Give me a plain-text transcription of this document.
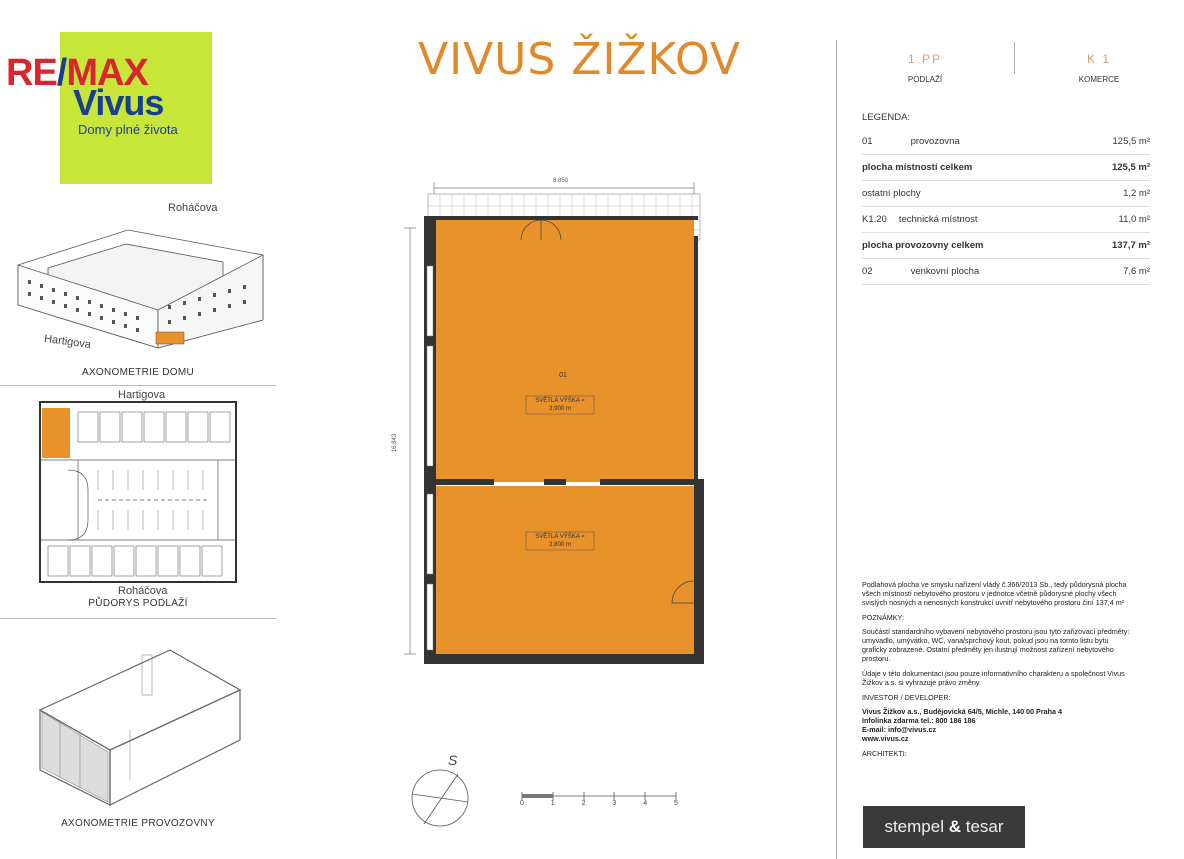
RE/MAX
Vivus
Domy plné života
VIVUS ŽIŽKOV
Roháčova
Hartigova
AXONOMETRIE DOMU
Hartigova
Roháčova
PŮDORYS PODLAŽÍ
AXONOMETRIE PROVOZOVNY
8.850
16.843
01
SVĚTLÁ VÝŠKA =
3,900 m
SVĚTLÁ VÝŠKA =
3,800 m
S
0	1	2	3	4	5
1.PP
PODLAŽÍ
K 1
KOMERCE
LEGENDA:
01	provozovna	125,5 m²
plocha místností celkem	125,5 m²
ostatní plochy	1,2 m²
K1.20 technická místnost	11,0 m²
plocha provozovny celkem	137,7 m²
02	venkovní plocha	7,6 m²

Podlahová plocha ve smyslu nařízení vlády č.366/2013 Sb., tedy půdorysná plocha všech místností nebytového prostoru v jednotce včetně půdorysné plochy všech svislých nosných a nenosných konstrukcí uvnitř nebytového prostoru činí 137,4 m²

POZNÁMKY:

Součástí standardního vybavení nebytového prostoru jsou tyto zařizovací předměty: umyvadlo, umývátko, WC, vana/sprchový kout, pokud jsou na tomto listu bytu graficky zobrazené. Ostatní předměty jen ilustrují možnost zařízení nebytového prostoru.

Údaje v této dokumentaci jsou pouze informativního charakteru a společnost Vivus Žižkov a.s. si vyhrazuje právo změny.

INVESTOR / DEVELOPER:

Vivus Žižkov a.s., Budějovická 64/5, Michle, 140 00 Praha 4
Infolinka zdarma tel.: 800 186 186
E-mail: info@vivus.cz
www.vivus.cz

ARCHITEKTI:

stempel & tesar
